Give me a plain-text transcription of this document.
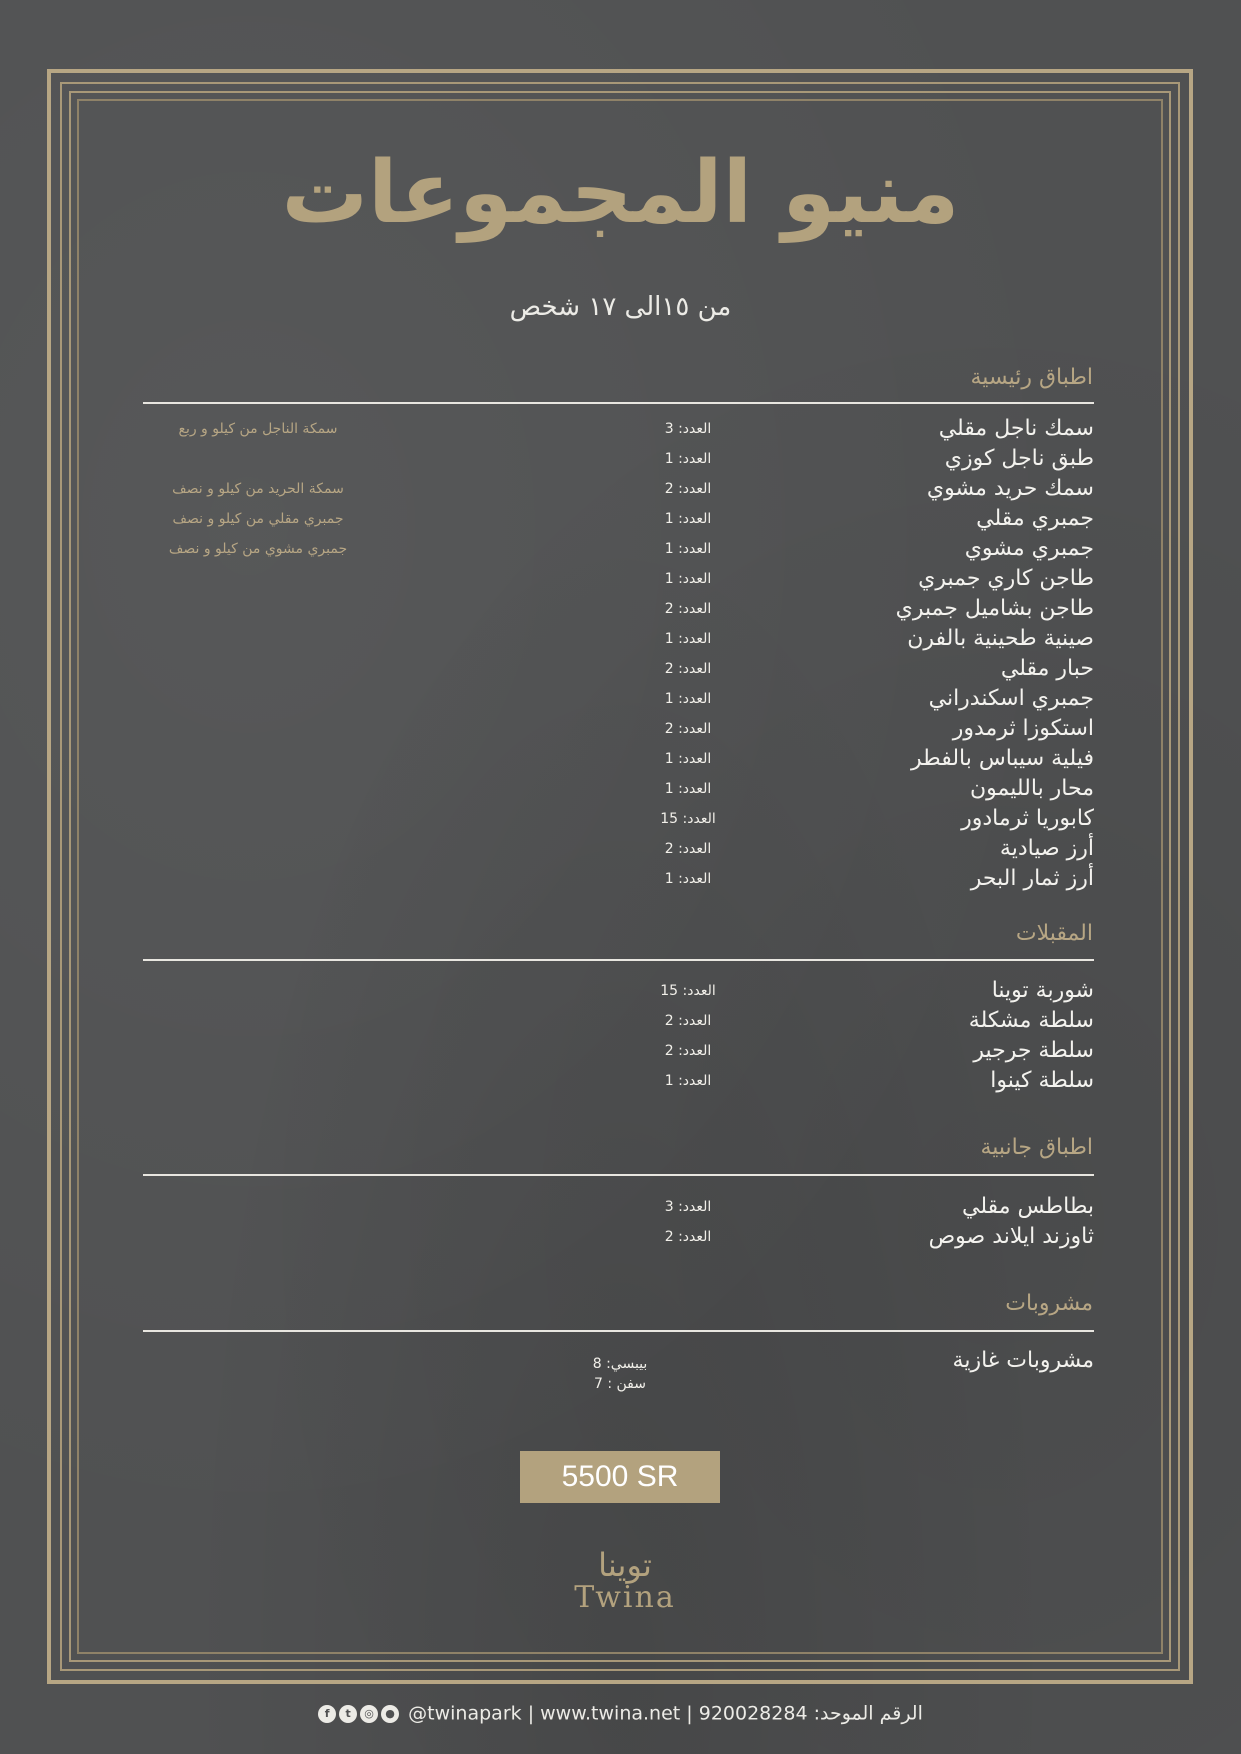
منيو المجموعات
من ١٥الى ١٧ شخص
اطباق رئيسية
سمك ناجل مقلي
العدد: 3
سمكة الناجل من كيلو و ربع
طبق ناجل كوزي
العدد: 1
سمك حريد مشوي
العدد: 2
سمكة الحريد من كيلو و نصف
جمبري مقلي
العدد: 1
جمبري مقلي من كيلو و نصف
جمبري مشوي
العدد: 1
جمبري مشوي من كيلو و نصف
طاجن كاري جمبري
العدد: 1
طاجن بشاميل جمبري
العدد: 2
صينية طحينية بالفرن
العدد: 1
حبار مقلي
العدد: 2
جمبري اسكندراني
العدد: 1
استكوزا ثرمدور
العدد: 2
فيلية سيباس بالفطر
العدد: 1
محار بالليمون
العدد: 1
كابوريا ثرمادور
العدد: 15
أرز صيادية
العدد: 2
أرز ثمار البحر
العدد: 1
المقبلات
شوربة توينا
العدد: 15
سلطة مشكلة
العدد: 2
سلطة جرجير
العدد: 2
سلطة كينوا
العدد: 1
اطباق جانبية
بطاطس مقلي
العدد: 3
ثاوزند ايلاند صوص
العدد: 2
مشروبات
مشروبات غازية
بيبسي: 8
سفن : 7
5500 SR
توينا
Twina
f t ◎ ● @twinapark | www.twina.net | الرقم الموحد: 920028284
